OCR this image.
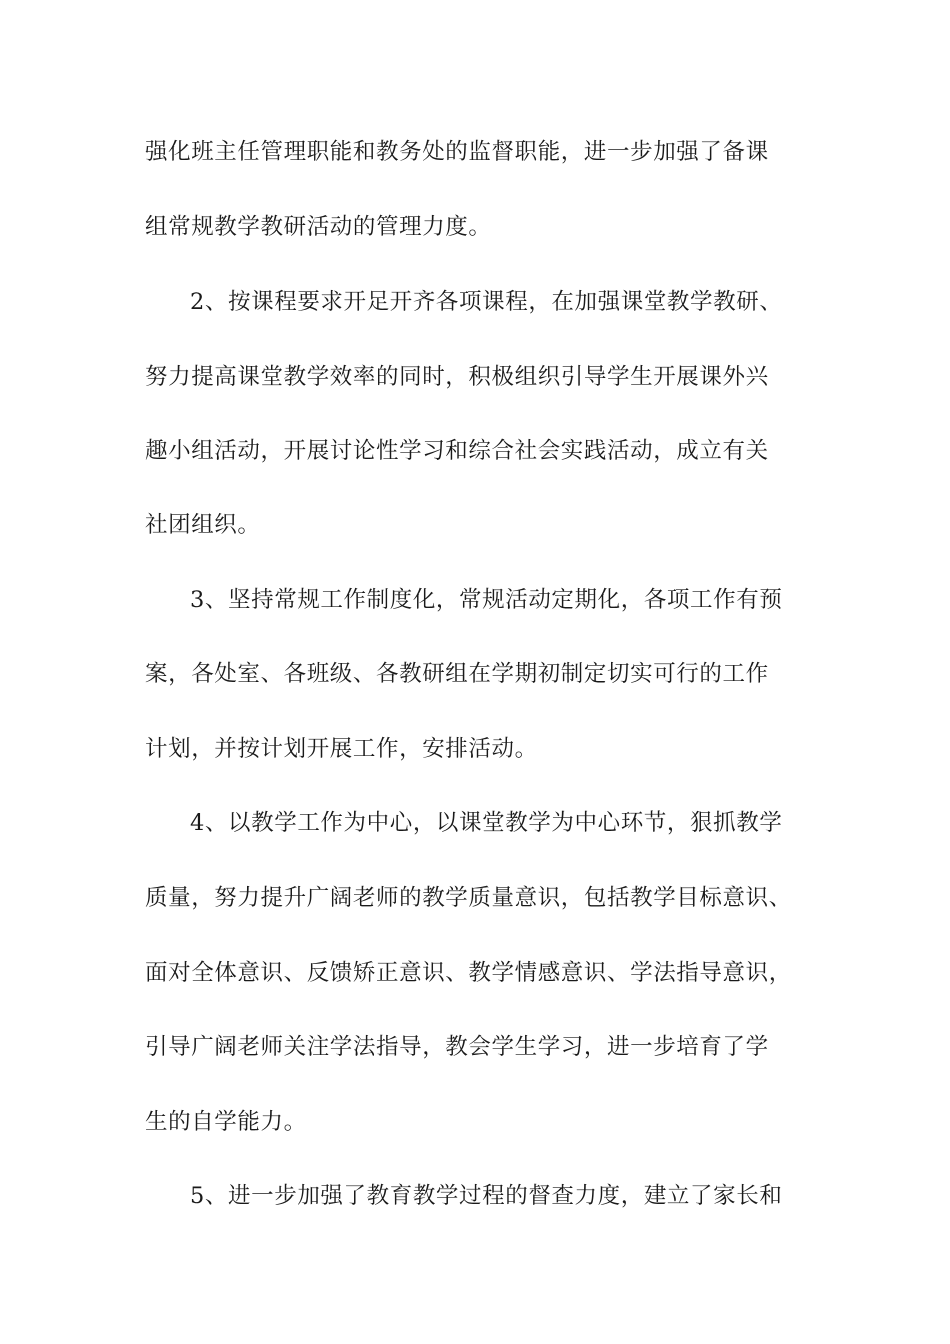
强化班主任管理职能和教务处的监督职能，进一步加强了备课
组常规教学教研活动的管理力度。
2、按课程要求开足开齐各项课程，在加强课堂教学教研、
努力提高课堂教学效率的同时，积极组织引导学生开展课外兴
趣小组活动，开展讨论性学习和综合社会实践活动，成立有关
社团组织。
3、坚持常规工作制度化，常规活动定期化，各项工作有预
案，各处室、各班级、各教研组在学期初制定切实可行的工作
计划，并按计划开展工作，安排活动。
4、以教学工作为中心，以课堂教学为中心环节，狠抓教学
质量，努力提升广阔老师的教学质量意识，包括教学目标意识、
面对全体意识、反馈矫正意识、教学情感意识、学法指导意识，
引导广阔老师关注学法指导，教会学生学习，进一步培育了学
生的自学能力。
5、进一步加强了教育教学过程的督查力度，建立了家长和
